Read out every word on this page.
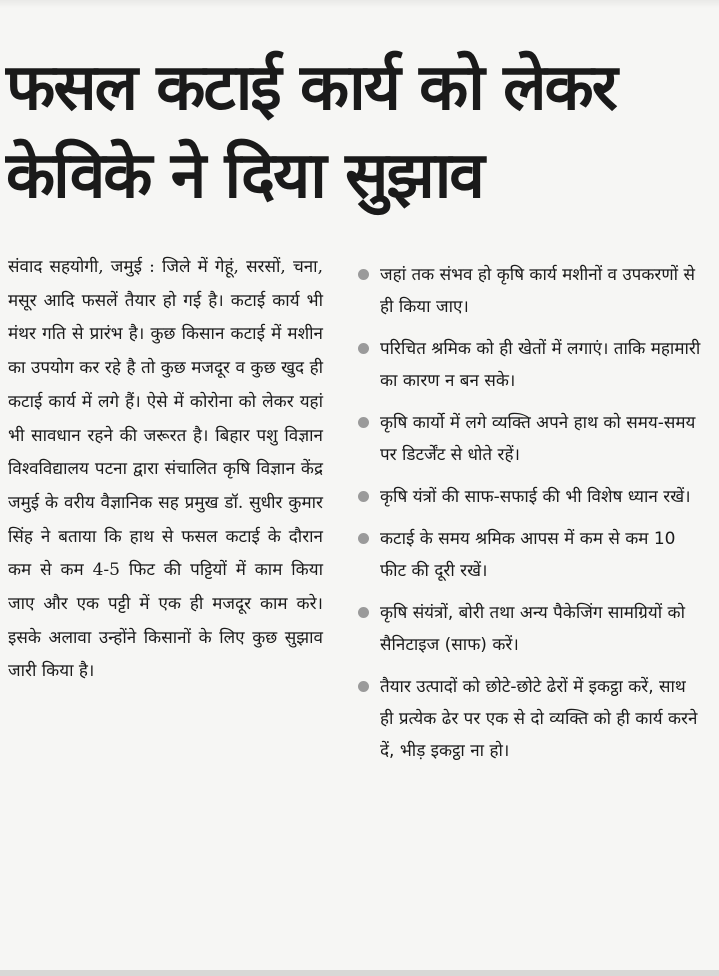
फसल कटाई कार्य को लेकर
केविके ने दिया सुझाव
संवाद सहयोगी, जमुई : जिले में गेहूं, सरसों, चना, मसूर आदि फसलें तैयार हो गई है। कटाई कार्य भी मंथर गति से प्रारंभ है। कुछ किसान कटाई में मशीन का उपयोग कर रहे है तो कुछ मजदूर व कुछ खुद ही कटाई कार्य में लगे हैं। ऐसे में कोरोना को लेकर यहां भी सावधान रहने की जरूरत है। बिहार पशु विज्ञान विश्वविद्यालय पटना द्वारा संचालित कृषि विज्ञान केंद्र जमुई के वरीय वैज्ञानिक सह प्रमुख डॉ. सुधीर कुमार सिंह ने बताया कि हाथ से फसल कटाई के दौरान कम से कम 4-5 फिट की पट्टियों में काम किया जाए और एक पट्टी में एक ही मजदूर काम करे। इसके अलावा उन्होंने किसानों के लिए कुछ सुझाव जारी किया है।
जहां तक संभव हो कृषि कार्य मशीनों व उपकरणों से ही किया जाए।
परिचित श्रमिक को ही खेतों में लगाएं। ताकि महामारी का कारण न बन सके।
कृषि कार्यो में लगे व्यक्ति अपने हाथ को समय-समय पर डिटर्जेंट से धोते रहें।
कृषि यंत्रों की साफ-सफाई की भी विशेष ध्यान रखें।
कटाई के समय श्रमिक आपस में कम से कम 10 फीट की दूरी रखें।
कृषि संयंत्रों, बोरी तथा अन्य पैकेजिंग सामग्रियों को सैनिटाइज (साफ) करें।
तैयार उत्पादों को छोटे-छोटे ढेरों में इकट्ठा करें, साथ ही प्रत्येक ढेर पर एक से दो व्यक्ति को ही कार्य करने दें, भीड़ इकट्ठा ना हो।
